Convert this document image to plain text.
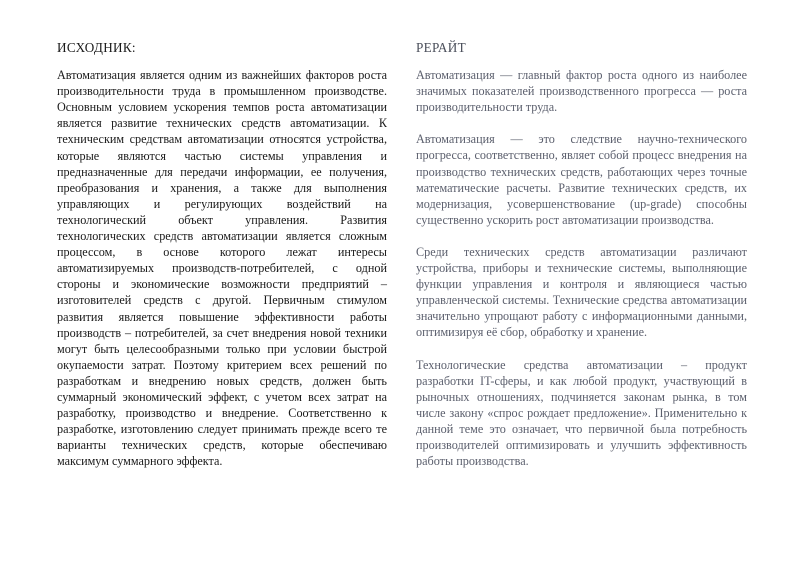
ИСХОДНИК:

Автоматизация является одним из важнейших факторов роста производительности труда в промышленном производстве. Основным условием ускорения темпов роста автоматизации является развитие технических средств автоматизации. К техническим средствам автоматизации относятся устройства, которые являются частью системы управления и предназначенные для передачи информации, ее получения, преобразования и хранения, а также для выполнения управляющих и регулирующих воздействий на технологический объект управления. Развития технологических средств автоматизации является сложным процессом, в основе которого лежат интересы автоматизируемых производств-потребителей, с одной стороны и экономические возможности предприятий – изготовителей средств с другой. Первичным стимулом развития является повышение эффективности работы производств – потребителей, за счет внедрения новой техники могут быть целесообразными только при условии быстрой окупаемости затрат. Поэтому критерием всех решений по разработкам и внедрению новых средств, должен быть суммарный экономический эффект, с учетом всех затрат на разработку, производство и внедрение. Соответственно к разработке, изготовлению следует принимать прежде всего те варианты технических средств, которые обеспечиваю максимум суммарного эффекта.

РЕРАЙТ

Автоматизация — главный фактор роста одного из наиболее значимых показателей производственного прогресса — роста производительности труда.

Автоматизация — это следствие научно-технического прогресса, соответственно, являет собой процесс внедрения на производство технических средств, работающих через точные математические расчеты. Развитие технических средств, их модернизация, усовершенствование (up-grade) способны существенно ускорить рост автоматизации производства.

Среди технических средств автоматизации различают устройства, приборы и технические системы, выполняющие функции управления и контроля и являющиеся частью управленческой системы. Технические средства автоматизации значительно упрощают работу с информационными данными, оптимизируя её сбор, обработку и хранение.

Технологические средства автоматизации – продукт разработки IT-сферы, и как любой продукт, участвующий в рыночных отношениях, подчиняется законам рынка, в том числе закону «спрос рождает предложение». Применительно к данной теме это означает, что первичной была потребность производителей оптимизировать и улучшить эффективность работы производства.
